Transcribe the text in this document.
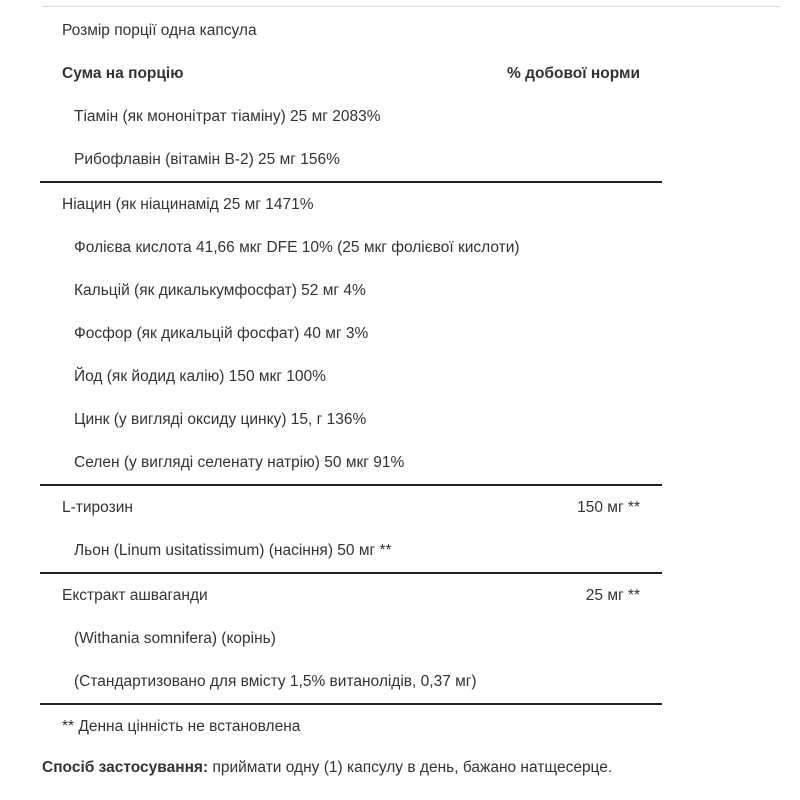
Розмір порції одна капсула
Сума на порцію	% добової норми
Тіамін (як мононітрат тіаміну) 25 мг 2083%
Рибофлавін (вітамін B-2) 25 мг 156%
Ніацин (як ніацинамід 25 мг 1471%
Фолієва кислота 41,66 мкг DFE 10% (25 мкг фолієвої кислоти)
Кальцій (як дикалькумфосфат) 52 мг 4%
Фосфор (як дикальцій фосфат) 40 мг 3%
Йод (як йодид калію) 150 мкг 100%
Цинк (у вигляді оксиду цинку) 15, г 136%
Селен (у вигляді селенату натрію) 50 мкг 91%
L-тирозин	150 мг **
Льон (Linum usitatissimum) (насіння) 50 мг **
Екстракт ашваганди	25 мг **
(Withania somnifera) (корінь)
(Стандартизовано для вмісту 1,5% витанолідів, 0,37 мг)
** Денна цінність не встановлена
Спосіб застосування: приймати одну (1) капсулу в день, бажано натщесерце.
